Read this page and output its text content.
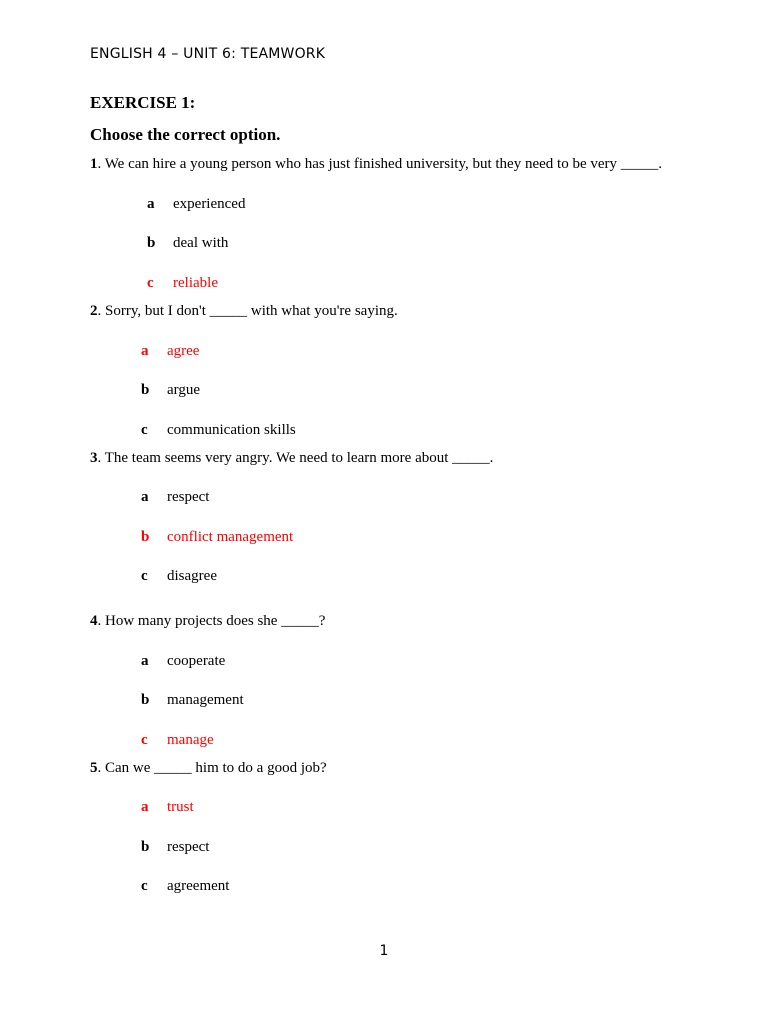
ENGLISH 4 – UNIT 6: TEAMWORK
EXERCISE 1:
Choose the correct option.
1. We can hire a young person who has just finished university, but they need to be very _____.
a experienced
b deal with
c reliable
2. Sorry, but I don't _____ with what you're saying.
a agree
b argue
c communication skills
3. The team seems very angry. We need to learn more about _____.
a respect
b conflict management
c disagree
4. How many projects does she _____?
a cooperate
b management
c manage
5. Can we _____ him to do a good job?
a trust
b respect
c agreement
1
